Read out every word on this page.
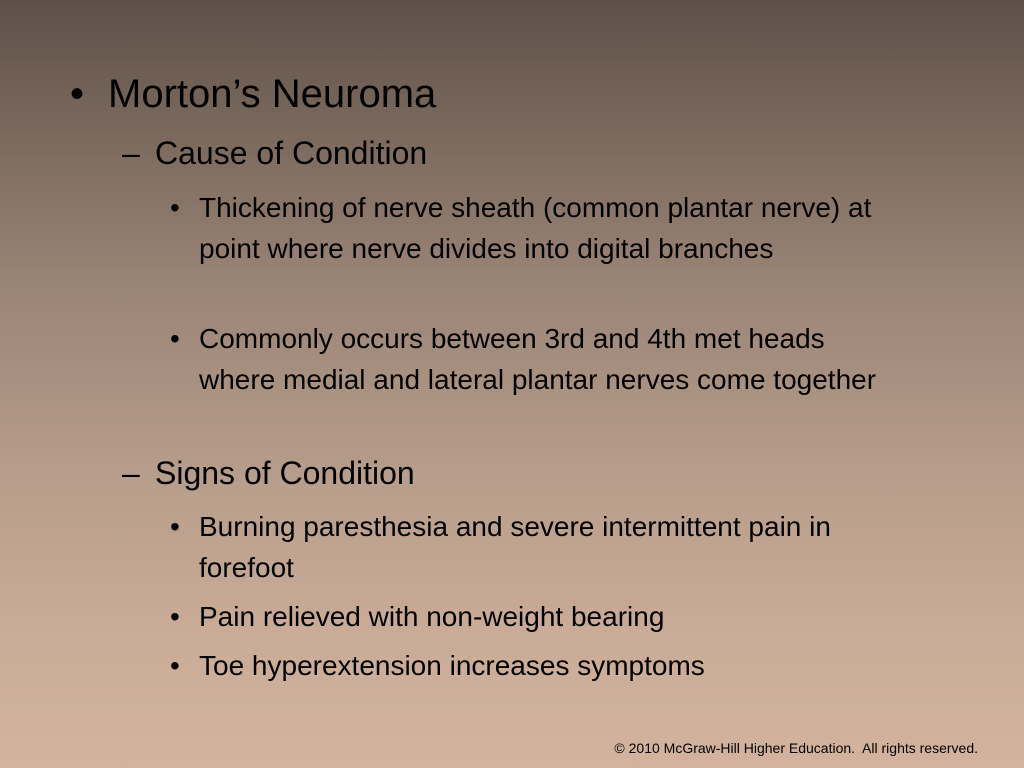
• Morton’s Neuroma
– Cause of Condition
• Thickening of nerve sheath (common plantar nerve) at point where nerve divides into digital branches
• Commonly occurs between 3rd and 4th met heads where medial and lateral plantar nerves come together
– Signs of Condition
• Burning paresthesia and severe intermittent pain in forefoot
• Pain relieved with non-weight bearing
• Toe hyperextension increases symptoms
© 2010 McGraw-Hill Higher Education.  All rights reserved.
